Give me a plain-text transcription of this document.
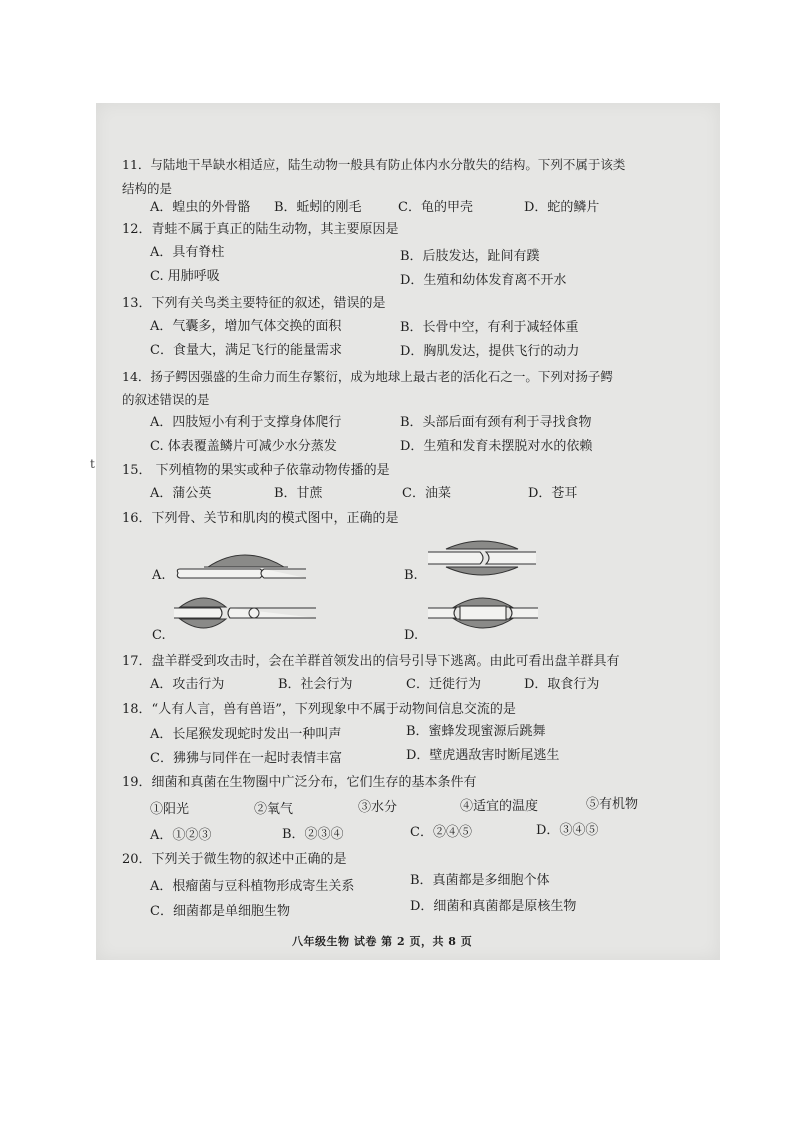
11．与陆地干旱缺水相适应，陆生动物一般具有防止体内水分散失的结构。下列不属于该类
结构的是
A．蝗虫的外骨骼 B．蚯蚓的刚毛	C．龟的甲壳	D．蛇的鳞片
12．青蛙不属于真正的陆生动物，其主要原因是
A．具有脊柱	B．后肢发达，趾间有蹼
C. 用肺呼吸	D．生殖和幼体发育离不开水
13．下列有关鸟类主要特征的叙述，错误的是
A．气囊多，增加气体交换的面积	B．长骨中空，有利于减轻体重
C．食量大，满足飞行的能量需求	D．胸肌发达，提供飞行的动力
14．扬子鳄因强盛的生命力而生存繁衍，成为地球上最古老的活化石之一。下列对扬子鳄
的叙述错误的是
A．四肢短小有利于支撑身体爬行	B．头部后面有颈有利于寻找食物
C. 体表覆盖鳞片可减少水分蒸发	D．生殖和发育未摆脱对水的依赖
t 15． 下列植物的果实或种子依靠动物传播的是
A．蒲公英	B．甘蔗	C．油菜	D．苍耳
16．下列骨、关节和肌肉的模式图中，正确的是
A.	B.
C.	D.
17．盘羊群受到攻击时，会在羊群首领发出的信号引导下逃离。由此可看出盘羊群具有
A．攻击行为	B．社会行为	C．迁徙行为	D．取食行为
18．“人有人言，兽有兽语”，下列现象中不属于动物间信息交流的是
A．长尾猴发现蛇时发出一种叫声	B．蜜蜂发现蜜源后跳舞
C．狒狒与同伴在一起时表情丰富	D．壁虎遇敌害时断尾逃生
19．细菌和真菌在生物圈中广泛分布，它们生存的基本条件有
①阳光	②氧气	③水分	④适宜的温度	⑤有机物
A．①②③	B．②③④	C．②④⑤	D．③④⑤
20．下列关于微生物的叙述中正确的是
A．根瘤菌与豆科植物形成寄生关系	B．真菌都是多细胞个体
C．细菌都是单细胞生物	D．细菌和真菌都是原核生物
八年级生物 试卷 第 2 页，共 8 页
